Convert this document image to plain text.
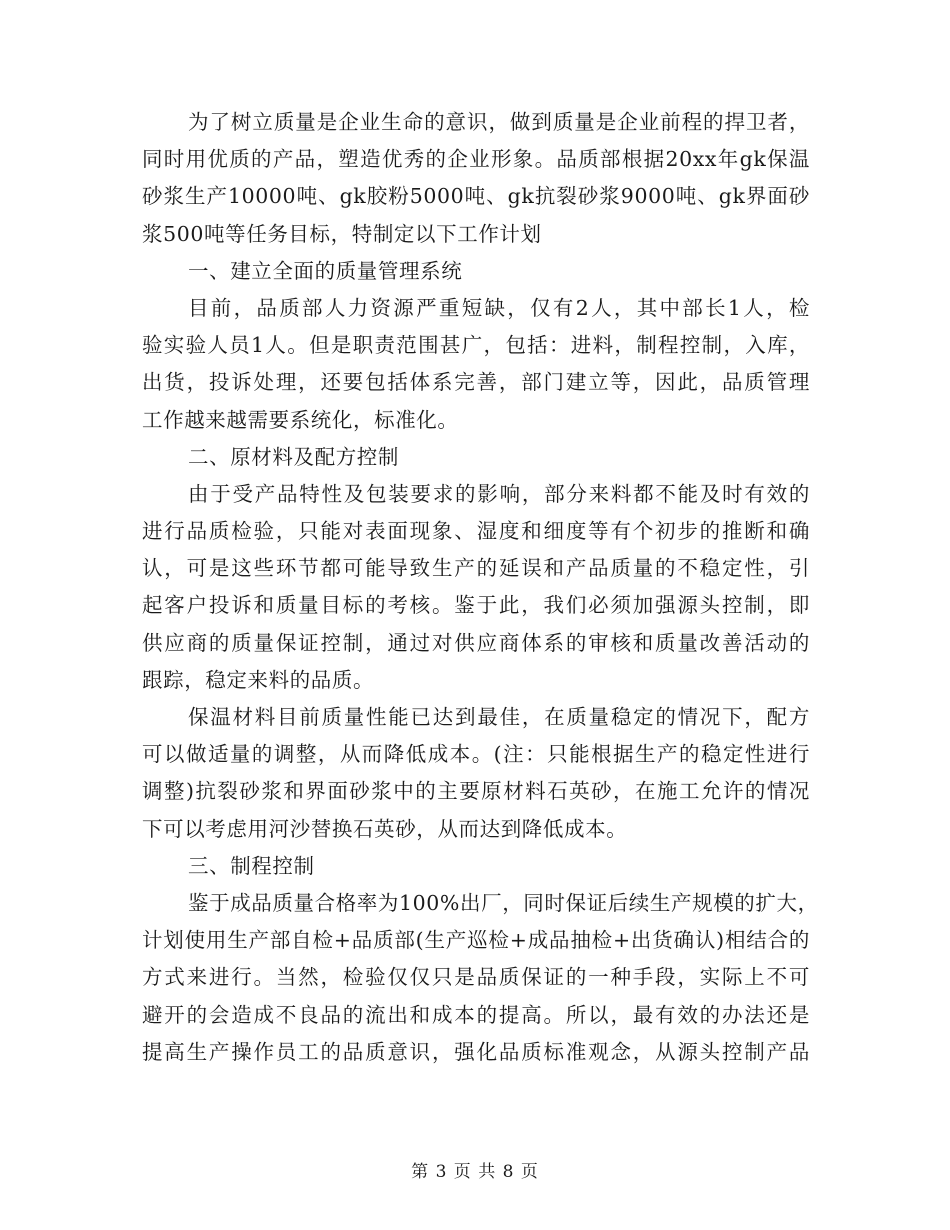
为了树立质量是企业生命的意识，做到质量是企业前程的捍卫者，
同时用优质的产品，塑造优秀的企业形象。品质部根据20xx年gk保温
砂浆生产10000吨、gk胶粉5000吨、gk抗裂砂浆9000吨、gk界面砂
浆500吨等任务目标，特制定以下工作计划
一、建立全面的质量管理系统
目前，品质部人力资源严重短缺，仅有2人，其中部长1人，检
验实验人员1人。但是职责范围甚广，包括：进料，制程控制，入库，
出货，投诉处理，还要包括体系完善，部门建立等，因此，品质管理
工作越来越需要系统化，标准化。
二、原材料及配方控制
由于受产品特性及包装要求的影响，部分来料都不能及时有效的
进行品质检验，只能对表面现象、湿度和细度等有个初步的推断和确
认，可是这些环节都可能导致生产的延误和产品质量的不稳定性，引
起客户投诉和质量目标的考核。鉴于此，我们必须加强源头控制，即
供应商的质量保证控制，通过对供应商体系的审核和质量改善活动的
跟踪，稳定来料的品质。
保温材料目前质量性能已达到最佳，在质量稳定的情况下，配方
可以做适量的调整，从而降低成本。(注：只能根据生产的稳定性进行
调整)抗裂砂浆和界面砂浆中的主要原材料石英砂，在施工允许的情况
下可以考虑用河沙替换石英砂，从而达到降低成本。
三、制程控制
鉴于成品质量合格率为100%出厂，同时保证后续生产规模的扩大，
计划使用生产部自检+品质部(生产巡检+成品抽检+出货确认)相结合的
方式来进行。当然，检验仅仅只是品质保证的一种手段，实际上不可
避开的会造成不良品的流出和成本的提高。所以，最有效的办法还是
提高生产操作员工的品质意识，强化品质标准观念，从源头控制产品
第 3 页 共 8 页
